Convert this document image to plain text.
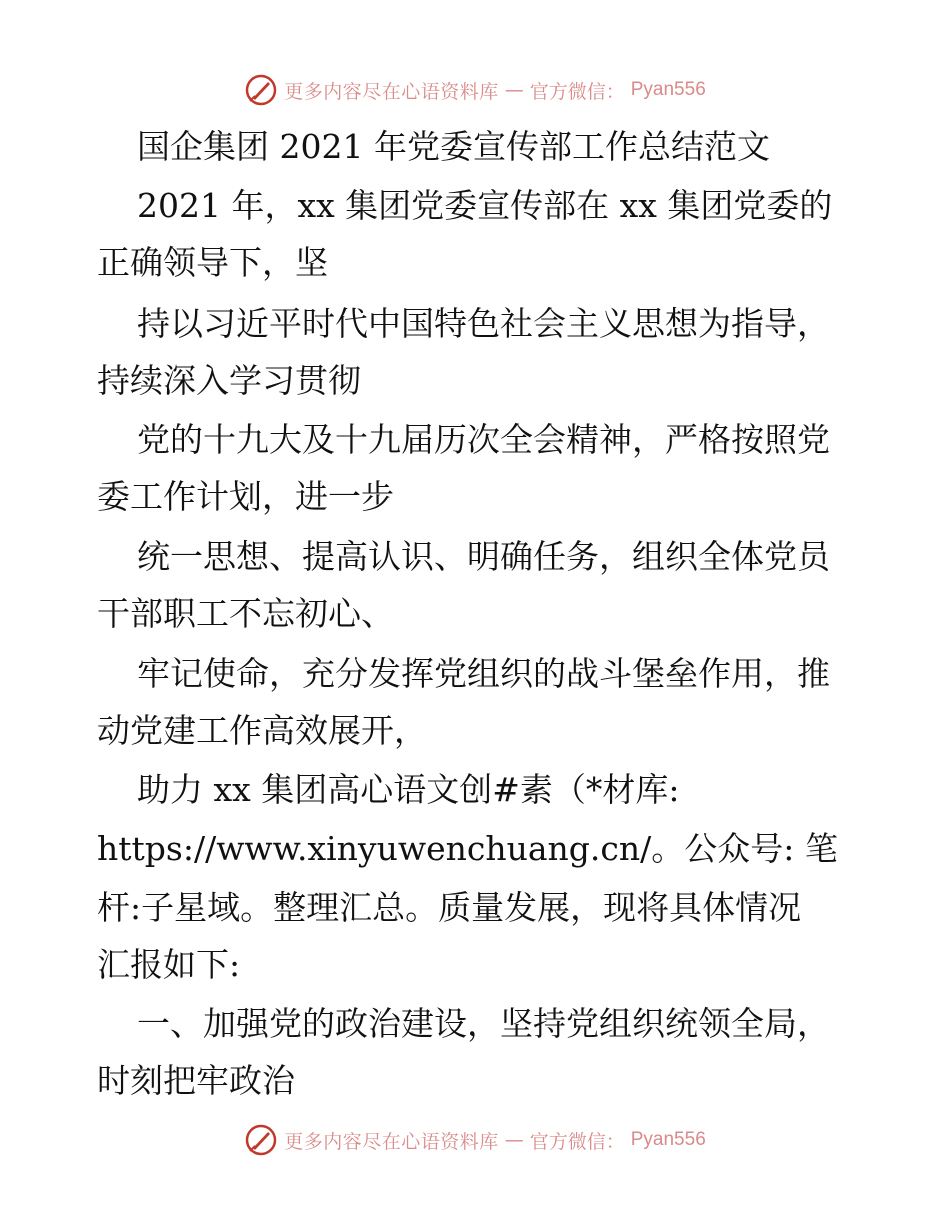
更多内容尽在心语资料库 — 官方微信： Pyan556
国企集团 2021 年党委宣传部工作总结范文
2021 年，xx 集团党委宣传部在 xx 集团党委的
正确领导下，坚
持以习近平时代中国特色社会主义思想为指导，
持续深入学习贯彻
党的十九大及十九届历次全会精神，严格按照党
委工作计划，进一步
统一思想、提高认识、明确任务，组织全体党员
干部职工不忘初心、
牢记使命，充分发挥党组织的战斗堡垒作用，推
动党建工作高效展开，
助力 xx 集团高心语文创#素（*材库:
https://www.xinyuwenchuang.cn/。公众号: 笔
杆:子星域。整理汇总。质量发展，现将具体情况
汇报如下:
一、加强党的政治建设，坚持党组织统领全局，
时刻把牢政治
更多内容尽在心语资料库 — 官方微信： Pyan556
